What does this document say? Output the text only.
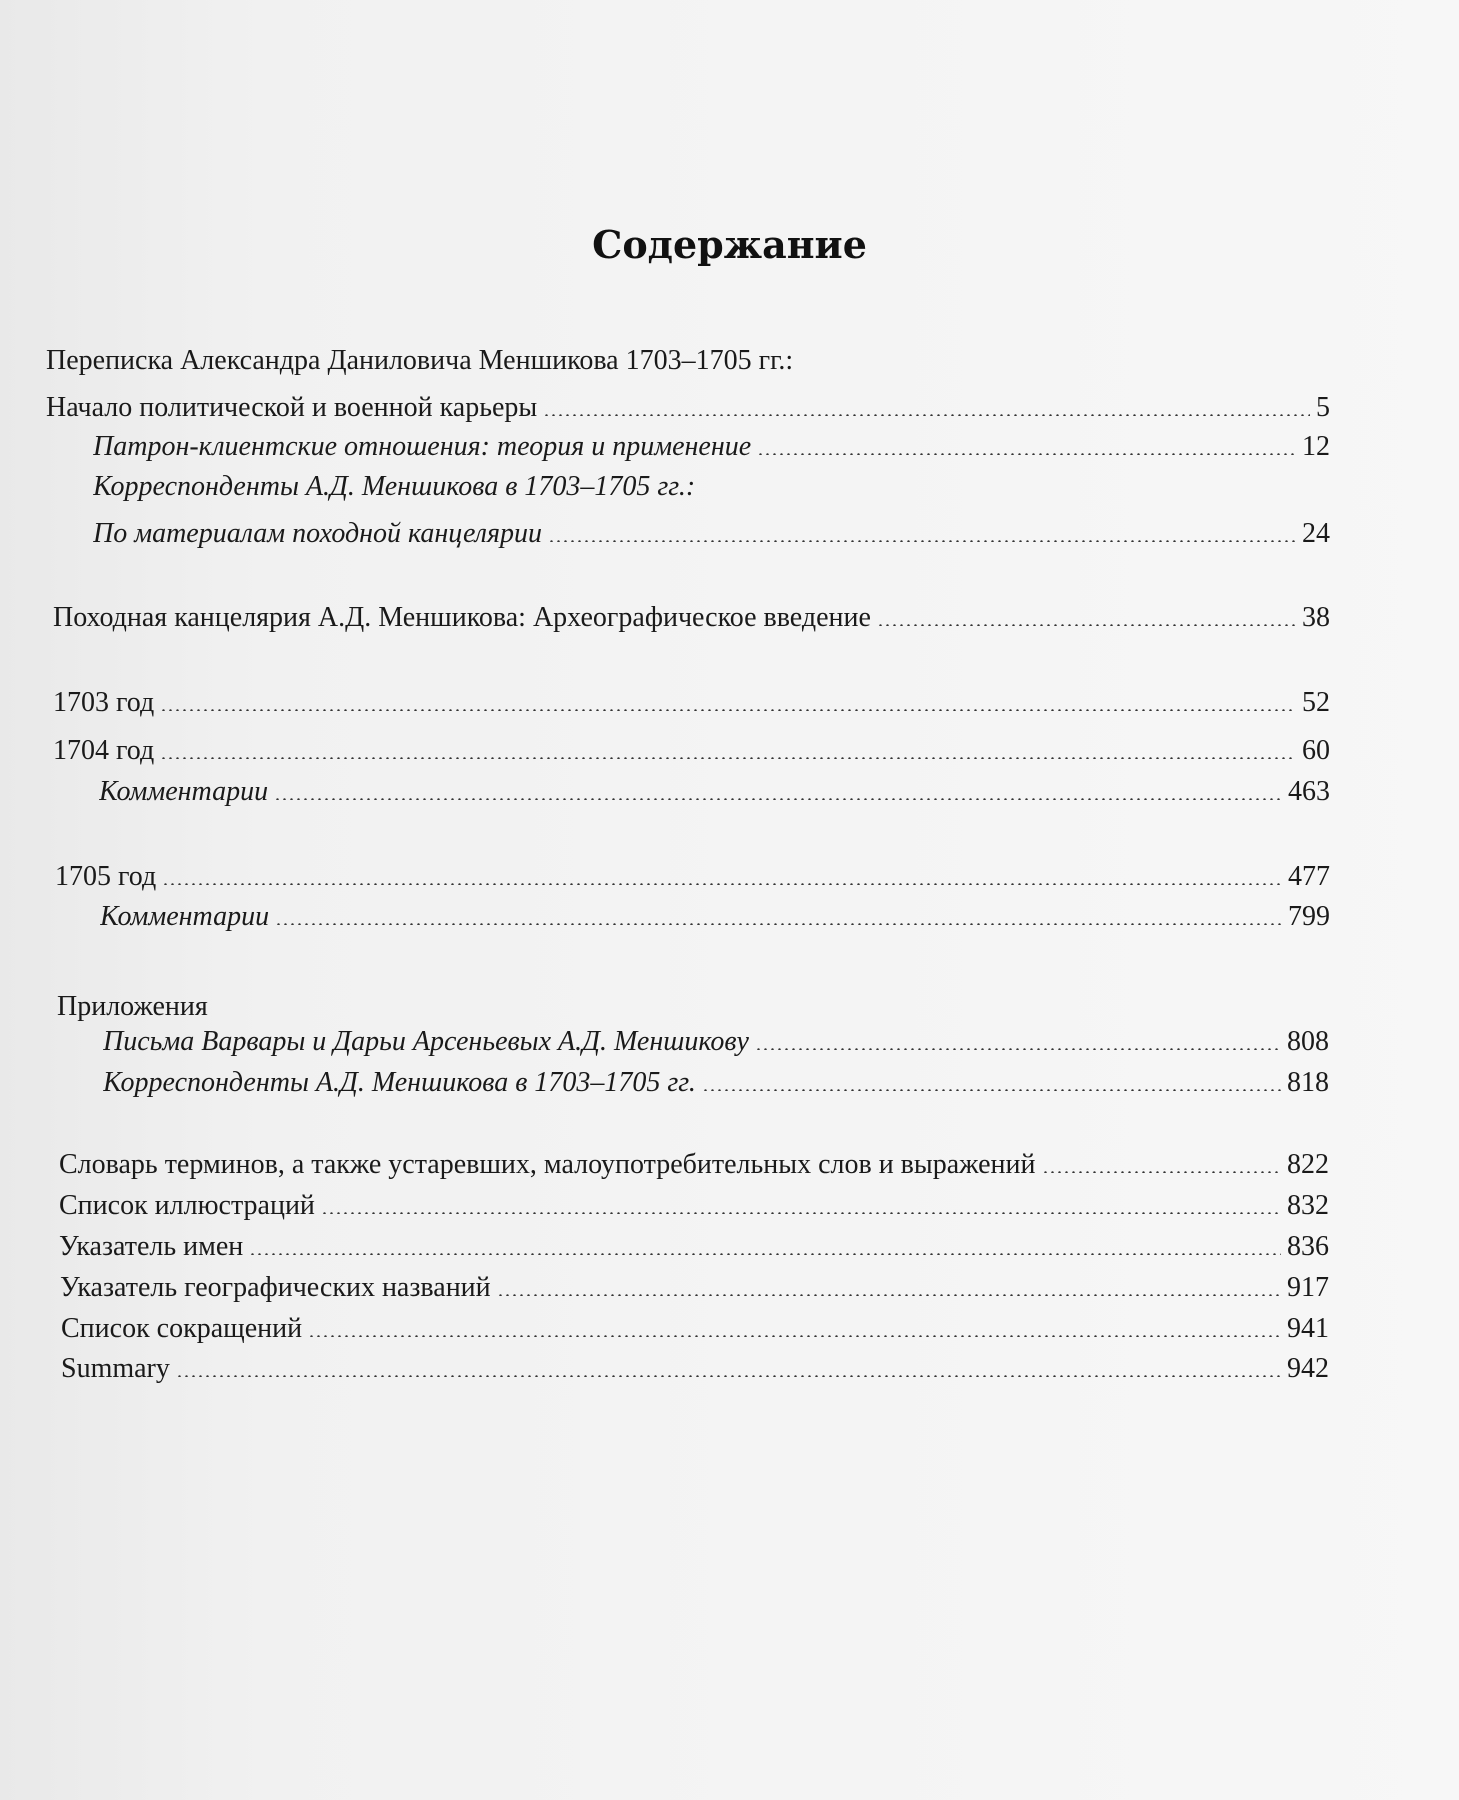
Содержание
Переписка Александра Даниловича Меншикова 1703–1705 гг.:
Начало политической и военной карьеры	5
Патрон-клиентские отношения: теория и применение	12
Корреспонденты А.Д. Меншикова в 1703–1705 гг.:
По материалам походной канцелярии	24
Походная канцелярия А.Д. Меншикова: Археографическое введение	38
1703 год	52
1704 год	60
Комментарии	463
1705 год	477
Комментарии	799
Приложения
Письма Варвары и Дарьи Арсеньевых А.Д. Меншикову	808
Корреспонденты А.Д. Меншикова в 1703–1705 гг.	818
Словарь терминов, а также устаревших, малоупотребительных слов и выражений	822
Список иллюстраций	832
Указатель имен	836
Указатель географических названий	917
Список сокращений	941
Summary	942
